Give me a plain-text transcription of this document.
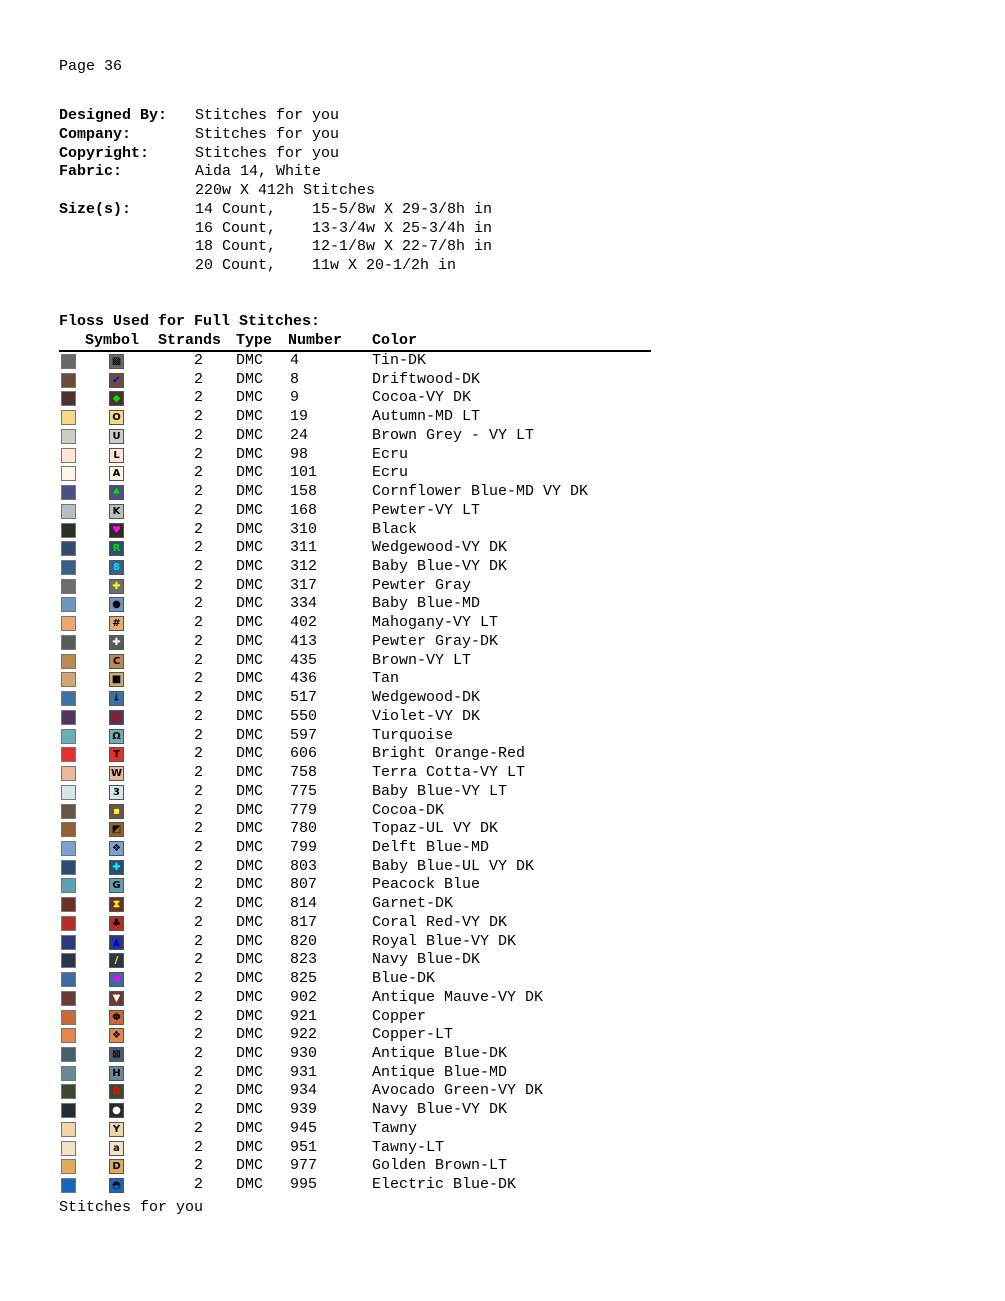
Page 36
Designed By: Stitches for you
Company:	Stitches for you
Copyright:	Stitches for you
Fabric:	Aida 14, White
220w X 412h Stitches
Size(s):	14 Count,    15-5/8w X 29-3/8h in
16 Count,    13-3/4w X 25-3/4h in
18 Count,    12-1/8w X 22-7/8h in
20 Count,    11w X 20-1/2h in
Floss Used for Full Stitches:
Symbol Strands Type Number Color
▩	2 DMC 4	Tin-DK
✔	2 DMC 8	Driftwood-DK
◆	2 DMC 9	Cocoa-VY DK
O	2 DMC 19	Autumn-MD LT
U	2 DMC 24	Brown Grey - VY LT
L	2 DMC 98	Ecru
A	2 DMC 101	Ecru
♠	2 DMC 158	Cornflower Blue-MD VY DK
K	2 DMC 168	Pewter-VY LT
♥	2 DMC 310	Black
R	2 DMC 311	Wedgewood-VY DK
8	2 DMC 312	Baby Blue-VY DK
✚	2 DMC 317	Pewter Gray
●	2 DMC 334	Baby Blue-MD
#	2 DMC 402	Mahogany-VY LT
✚	2 DMC 413	Pewter Gray-DK
C	2 DMC 435	Brown-VY LT
■	2 DMC 436	Tan
↓	2 DMC 517	Wedgewood-DK
▨	2 DMC 550	Violet-VY DK
Ω	2 DMC 597	Turquoise
T	2 DMC 606	Bright Orange-Red
W	2 DMC 758	Terra Cotta-VY LT
3	2 DMC 775	Baby Blue-VY LT
▪	2 DMC 779	Cocoa-DK
◩	2 DMC 780	Topaz-UL VY DK
❖	2 DMC 799	Delft Blue-MD
✚	2 DMC 803	Baby Blue-UL VY DK
G	2 DMC 807	Peacock Blue
⧗	2 DMC 814	Garnet-DK
♣	2 DMC 817	Coral Red-VY DK
▲	2 DMC 820	Royal Blue-VY DK
/	2 DMC 823	Navy Blue-DK
✱	2 DMC 825	Blue-DK
▼	2 DMC 902	Antique Mauve-VY DK
Φ	2 DMC 921	Copper
❖	2 DMC 922	Copper-LT
⊠	2 DMC 930	Antique Blue-DK
H	2 DMC 931	Antique Blue-MD
B	2 DMC 934	Avocado Green-VY DK
●	2 DMC 939	Navy Blue-VY DK
Y	2 DMC 945	Tawny
a	2 DMC 951	Tawny-LT
D	2 DMC 977	Golden Brown-LT
◓	2 DMC 995	Electric Blue-DK
Stitches for you
